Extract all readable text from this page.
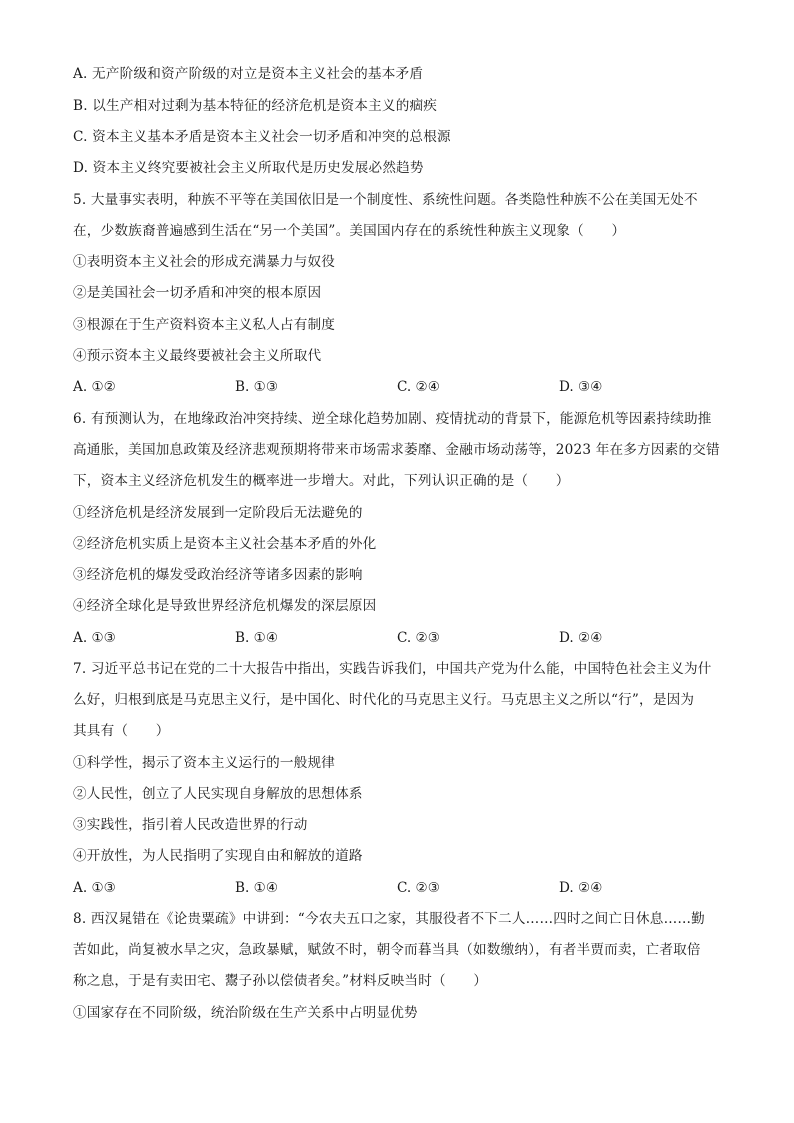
A. 无产阶级和资产阶级的对立是资本主义社会的基本矛盾
B. 以生产相对过剩为基本特征的经济危机是资本主义的痼疾
C. 资本主义基本矛盾是资本主义社会一切矛盾和冲突的总根源
D. 资本主义终究要被社会主义所取代是历史发展必然趋势
5. 大量事实表明，种族不平等在美国依旧是一个制度性、系统性问题。各类隐性种族不公在美国无处不
在，少数族裔普遍感到生活在“另一个美国”。美国国内存在的系统性种族主义现象（　　）
①表明资本主义社会的形成充满暴力与奴役
②是美国社会一切矛盾和冲突的根本原因
③根源在于生产资料资本主义私人占有制度
④预示资本主义最终要被社会主义所取代
A. ①②	B. ①③	C. ②④	D. ③④
6. 有预测认为，在地缘政治冲突持续、逆全球化趋势加剧、疫情扰动的背景下，能源危机等因素持续助推
高通胀，美国加息政策及经济悲观预期将带来市场需求萎靡、金融市场动荡等，2023 年在多方因素的交错
下，资本主义经济危机发生的概率进一步增大。对此，下列认识正确的是（　　）
①经济危机是经济发展到一定阶段后无法避免的
②经济危机实质上是资本主义社会基本矛盾的外化
③经济危机的爆发受政治经济等诸多因素的影响
④经济全球化是导致世界经济危机爆发的深层原因
A. ①③	B. ①④	C. ②③	D. ②④
7. 习近平总书记在党的二十大报告中指出，实践告诉我们，中国共产党为什么能，中国特色社会主义为什
么好，归根到底是马克思主义行，是中国化、时代化的马克思主义行。马克思主义之所以“行”，是因为
其具有（　　）
①科学性，揭示了资本主义运行的一般规律
②人民性，创立了人民实现自身解放的思想体系
③实践性，指引着人民改造世界的行动
④开放性，为人民指明了实现自由和解放的道路
A. ①③	B. ①④	C. ②③	D. ②④
8. 西汉晁错在《论贵粟疏》中讲到：“今农夫五口之家，其服役者不下二人……四时之间亡日休息……勤
苦如此，尚复被水旱之灾，急政暴赋，赋敛不时，朝令而暮当具（如数缴纳），有者半贾而卖，亡者取倍
称之息，于是有卖田宅、鬻子孙以偿债者矣。”材料反映当时（　　）
①国家存在不同阶级，统治阶级在生产关系中占明显优势
